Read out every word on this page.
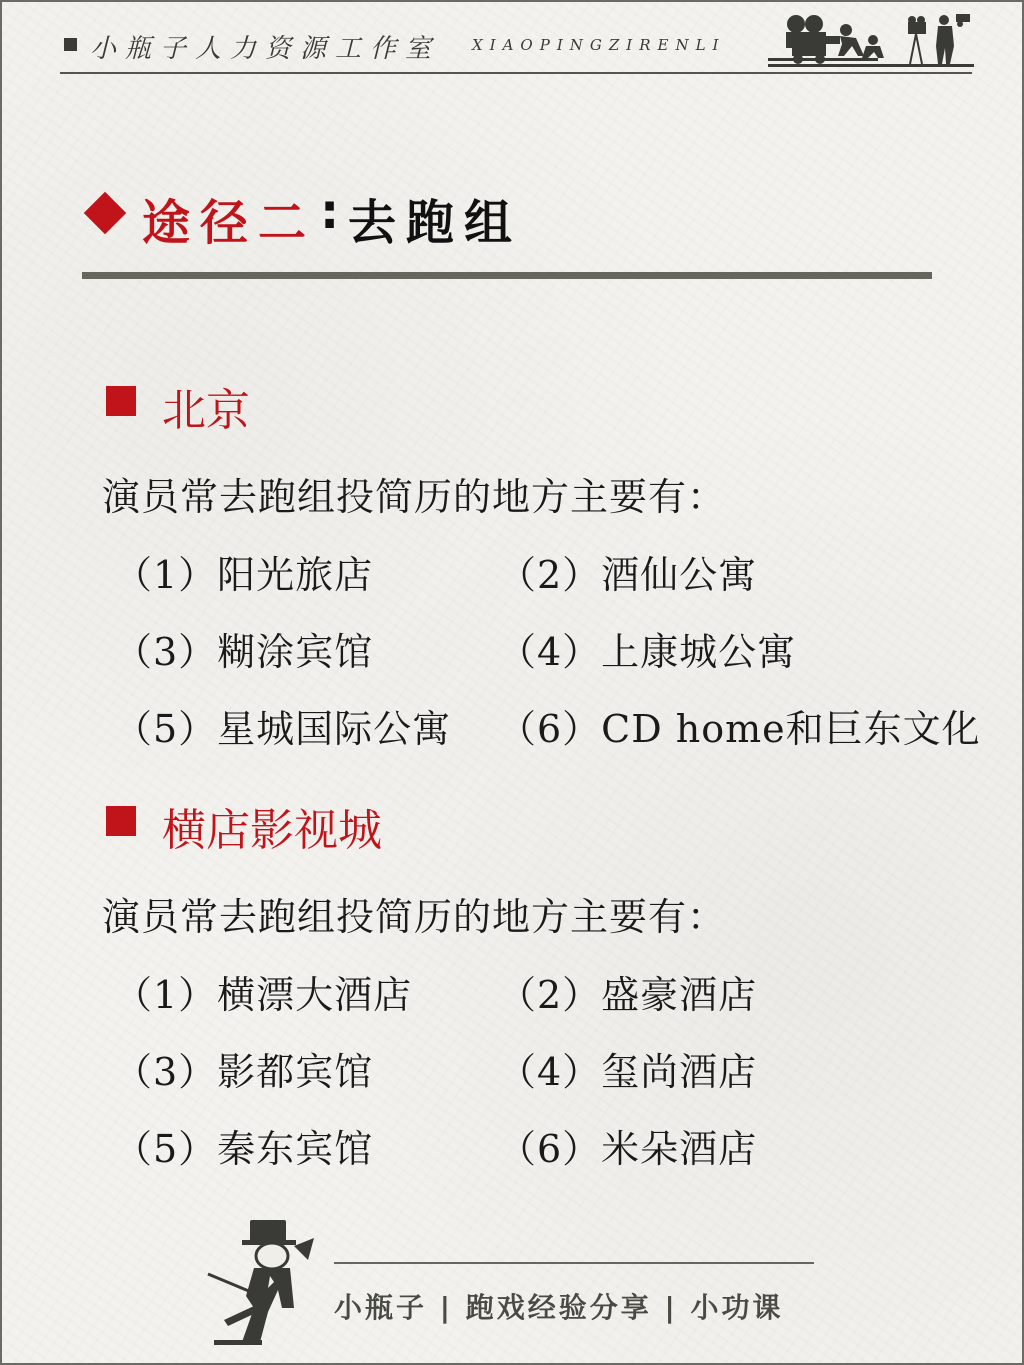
小瓶子人力资源工作室 XIAOPINGZIRENLI
途径二 : 去跑组
北京
演员常去跑组投简历的地方主要有：
（1）阳光旅店	（2）酒仙公寓
（3）糊涂宾馆	（4）上康城公寓
（5）星城国际公寓 （6）CD home和巨东文化
横店影视城
演员常去跑组投简历的地方主要有：
（1）横漂大酒店 （2）盛豪酒店
（3）影都宾馆	（4）玺尚酒店
（5）秦东宾馆	（6）米朵酒店
小瓶子 | 跑戏经验分享 | 小功课
